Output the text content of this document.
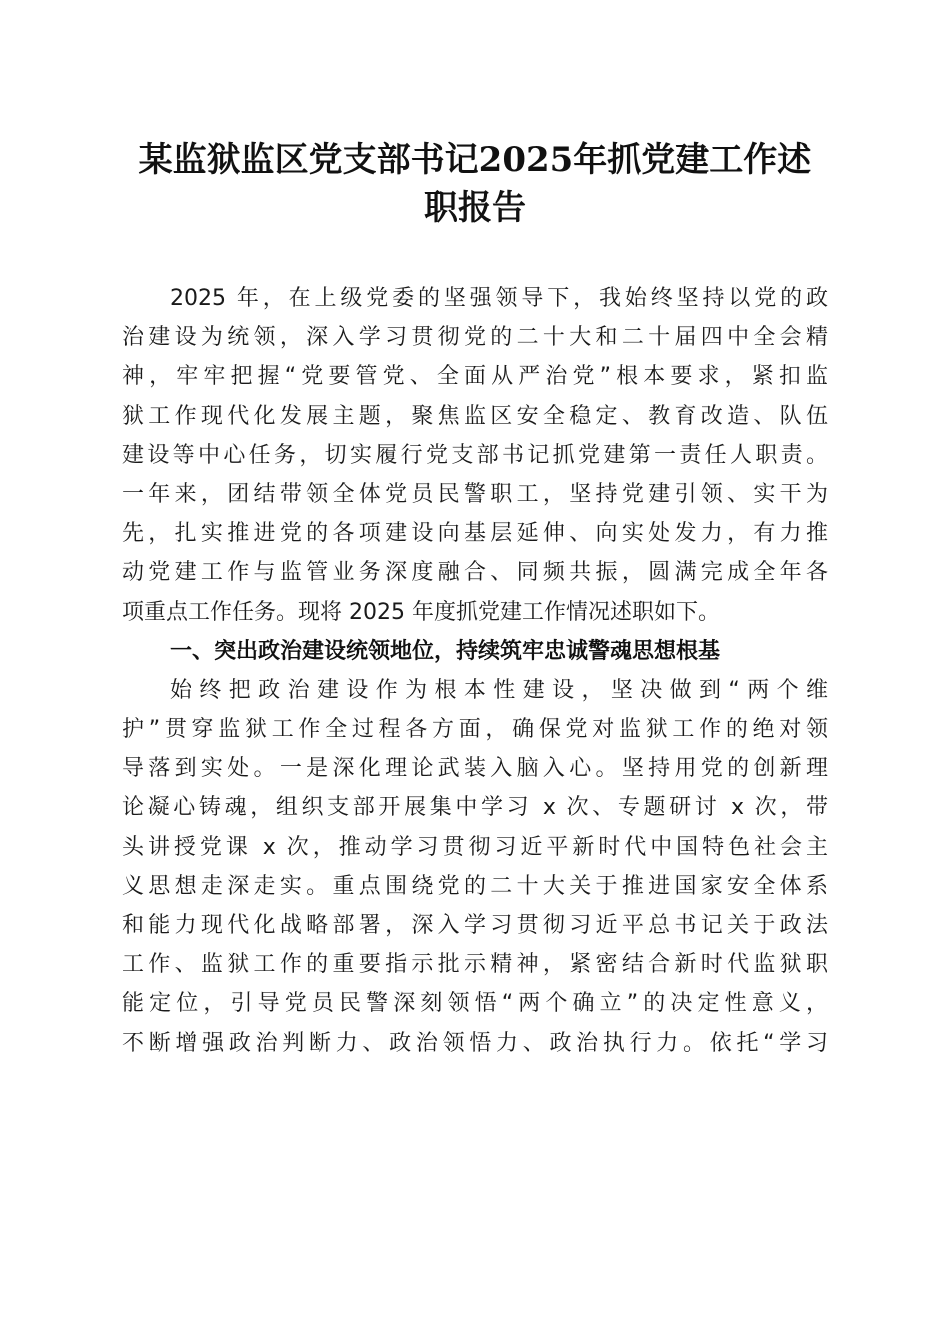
某监狱监区党支部书记2025年抓党建工作述
职报告
2025 年，在上级党委的坚强领导下，我始终坚持以党的政
治建设为统领，深入学习贯彻党的二十大和二十届四中全会精
神，牢牢把握“党要管党、全面从严治党”根本要求，紧扣监
狱工作现代化发展主题，聚焦监区安全稳定、教育改造、队伍
建设等中心任务，切实履行党支部书记抓党建第一责任人职责。
一年来，团结带领全体党员民警职工，坚持党建引领、实干为
先，扎实推进党的各项建设向基层延伸、向实处发力，有力推
动党建工作与监管业务深度融合、同频共振，圆满完成全年各
项重点工作任务。现将 2025 年度抓党建工作情况述职如下。
一、突出政治建设统领地位，持续筑牢忠诚警魂思想根基
始终把政治建设作为根本性建设，坚决做到“两个维
护”贯穿监狱工作全过程各方面，确保党对监狱工作的绝对领
导落到实处。一是深化理论武装入脑入心。坚持用党的创新理
论凝心铸魂，组织支部开展集中学习 x 次、专题研讨 x 次，带
头讲授党课 x 次，推动学习贯彻习近平新时代中国特色社会主
义思想走深走实。重点围绕党的二十大关于推进国家安全体系
和能力现代化战略部署，深入学习贯彻习近平总书记关于政法
工作、监狱工作的重要指示批示精神，紧密结合新时代监狱职
能定位，引导党员民警深刻领悟“两个确立”的决定性意义，
不断增强政治判断力、政治领悟力、政治执行力。依托“学习
